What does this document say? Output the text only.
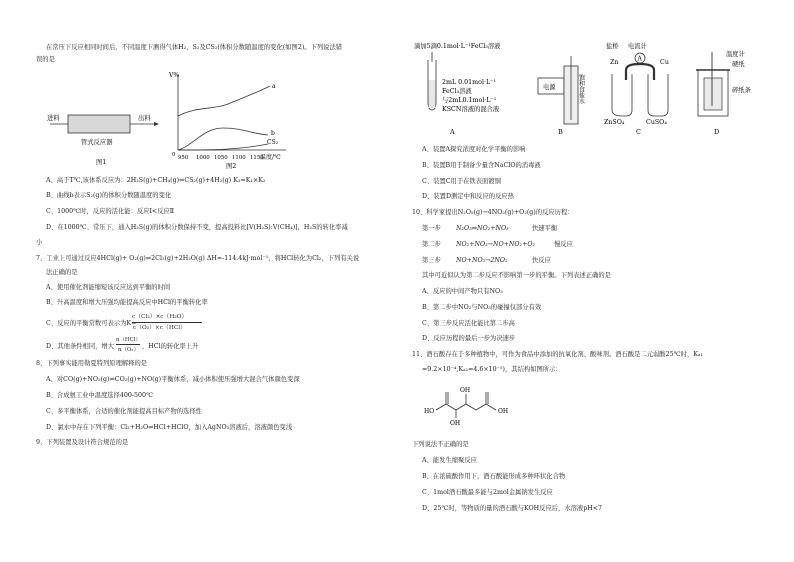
在常压下反应相同时间后，不同温度下测得气体H₂、S₂及CS₂(体积分数随温度的变化(如图2)。下列说法错
误的是
进料	出料
管式反应器
图1
V%
温度/℃
0 950 1000 1050 1100 1150
a
b
CS₂
图2
A、高于T℃,该体系反应为：2H₂S(g)+CH₄(g)⇌CS₂(g)+4H₂(g) K₃=K₁×K₂
B、曲线b表示S₂(g)的体积分数随温度的变化
C、1000℃时，反应的活化能：反应Ⅰ<反应Ⅱ
D、在1000℃、常压下，通入H₂S(g)的体积分数保持不变，提高投料比[V(H₂S):V(CH₄)]，H₂S的转化率减
小
7、工业上可通过反应4HCl(g)+ O₂(g)⇌2Cl₂(g)+2H₂O(g) ΔH=-114.4kJ·mol⁻¹，将HCl转化为Cl₂，下列有关说
法正确的是
A、使用催化剂能缩短该反应达到平衡的时间
B、升高温度和增大压强均能提高反应中HCl的平衡转化率
C、反应的平衡常数可表示为K=
c（Cl₂）×c（H₂O）
c（O₂）×c（HCl）
D、其他条件相同，增大
n（HCl）
n（O₂） ，HCl的转化率上升
8、下列事实能用勒夏特列原理解释的是
A、对CO(g)+NO₂(g)⇌CO₂(g)+NO(g)平衡体系，减小体积使压强增大混合气体颜色变深
B、合成氨工业中温度选择400-500℃
C、多平衡体系，合适的催化剂能提高目标产物的选择性
D、氯水中存在下列平衡：Cl₂+H₂O⇌HCl+HClO，加入AgNO₃溶液后，溶液颜色变浅
9、下列装置及设计符合规范的是
滴加5滴0.1mol·L⁻¹FeCl₃溶液
2mL 0.01mol·L⁻¹
FeCl₃溶液
与2mL0.1mol·L⁻¹
KSCN溶液的混合液
电源	饱和食盐水
盐桥 电流计
A
Zn	Cu
ZnSO₄	CuSO₄
温度计
硬纸
碎纸条
A	B	C	D
A、装置A探究浓度对化学平衡的影响
B、装置B用于制备少量含NaClO的消毒液
C、装置C用于在铁表面镀铜
D、装置D测定中和反应的反应热
10、科学家提出N₂O₅(g)→4NO₂(g)+O₂(g)的反应历程：
第一步 N₂O₅⇌NO₂+NO₃	快速平衡
第二步 NO₂+NO₃→NO+NO₂+O₂	慢反应
第三步 NO+NO₃→2NO₂	快反应
其中可近似认为第二步反应不影响第一步的平衡。下列表述正确的是
A、反应的中间产物只有NO₃
B、第二步中NO₂与NO₃的碰撞仅部分有效
C、第三步反应活化能比第二步高
D、反应历程的最后一步为决速步
11、酒石酸存在于多种植物中，可作为食品中添加的抗氧化剂、酸味剂。酒石酸是二元弱酸25℃时，Kₐ₁
=9.2×10⁻⁴,Kₐ₂=4.6×10⁻⁵)，其结构如图所示：
HO	OH
OH
OH
下列说法不正确的是
A、能发生缩聚反应
B、在浓硫酸作用下，酒石酸能形成多种环状化合物
C、1mol酒石酸最多能与2mol金属钠发生反应
D、25℃时，等物质的量的酒石酸与KOH反应后，水溶液pH<7
